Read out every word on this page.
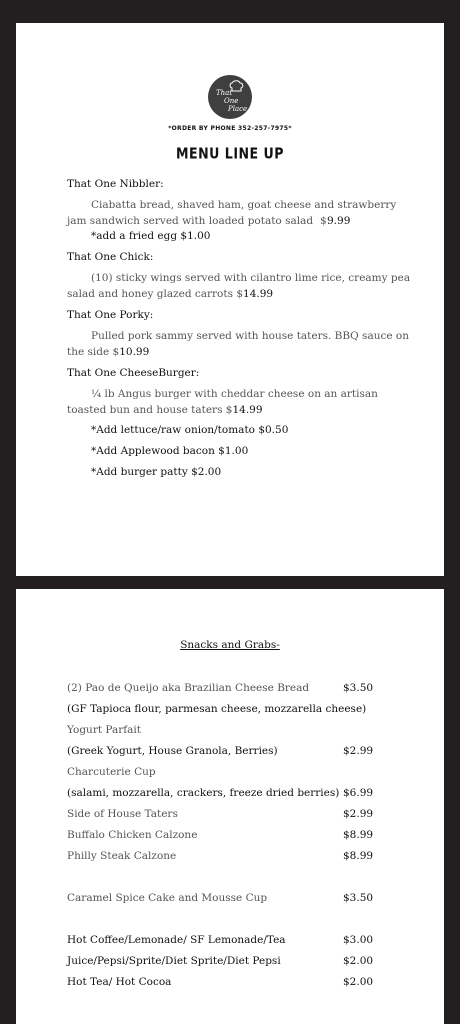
That
One
Place
*ORDER BY PHONE 352-257-7975*
MENU LINE UP
That One Nibbler:
Ciabatta bread, shaved ham, goat cheese and strawberry
jam sandwich served with loaded potato salad $ 9.99
*add a fried egg $1.00
That One Chick:
(10) sticky wings served with cilantro lime rice, creamy pea
salad and honey glazed carrots $14.99
That One Porky:
Pulled pork sammy served with house taters. BBQ sauce on
the side $10.99
That One CheeseBurger:
¼ lb Angus burger with cheddar cheese on an artisan
toasted bun and house taters $14.99
*Add lettuce/raw onion/tomato $0.50
*Add Applewood bacon $1.00
*Add burger patty $2.00
Snacks and Grabs-
(2) Pao de Queijo aka Brazilian Cheese Bread	$3.50
(GF Tapioca flour, parmesan cheese, mozzarella cheese)
Yogurt Parfait
(Greek Yogurt, House Granola, Berries)	$2.99
Charcuterie Cup
(salami, mozzarella, crackers, freeze dried berries) $6.99
Side of House Taters	$2.99
Buffalo Chicken Calzone	$8.99
Philly Steak Calzone	$8.99
Caramel Spice Cake and Mousse Cup	$3.50
Hot Coffee/Lemonade/ SF Lemonade/Tea	$3.00
Juice/Pepsi/Sprite/Diet Sprite/Diet Pepsi	$2.00
Hot Tea/ Hot Cocoa	$2.00
